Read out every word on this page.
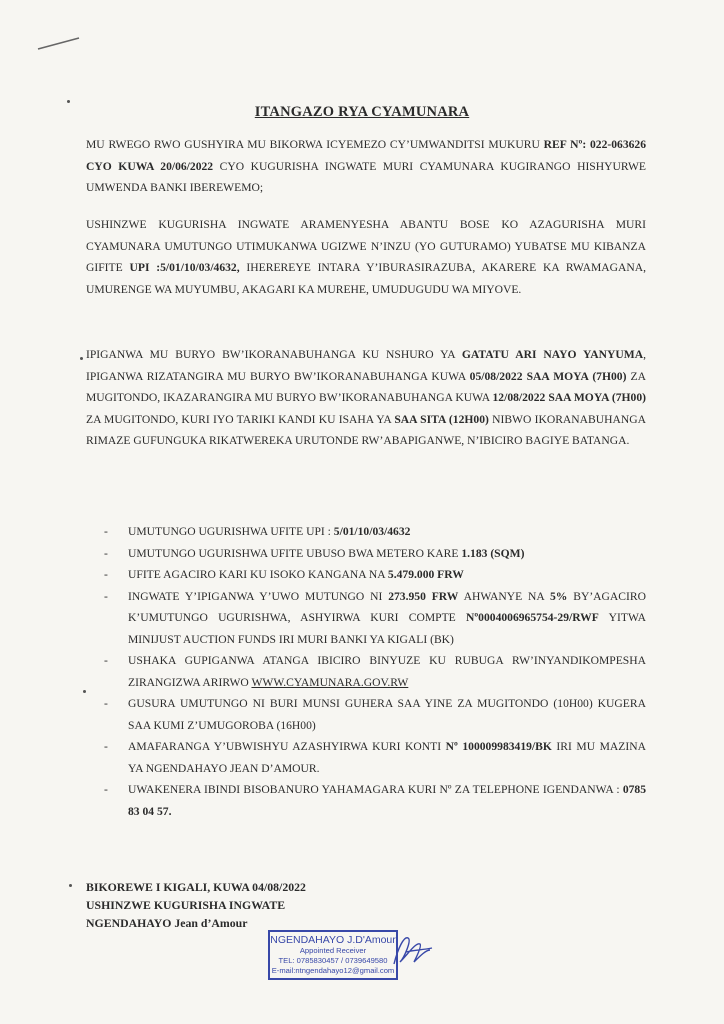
ITANGAZO RYA CYAMUNARA
MU RWEGO RWO GUSHYIRA MU BIKORWA ICYEMEZO CY’UMWANDITSI MUKURU REF Nº: 022-063626 CYO KUWA 20/06/2022 CYO KUGURISHA INGWATE MURI CYAMUNARA KUGIRANGO HISHYURWE UMWENDA BANKI IBEREWEMO;
USHINZWE KUGURISHA INGWATE ARAMENYESHA ABANTU BOSE KO AZAGURISHA MURI CYAMUNARA UMUTUNGO UTIMUKANWA UGIZWE N’INZU (YO GUTURAMO) YUBATSE MU KIBANZA GIFITE UPI :5/01/10/03/4632, IHEREREYE INTARA Y’IBURASIRAZUBA, AKARERE KA RWAMAGANA, UMURENGE WA MUYUMBU, AKAGARI KA MUREHE, UMUDUGUDU WA MIYOVE.
IPIGANWA MU BURYO BW’IKORANABUHANGA KU NSHURO YA GATATU ARI NAYO YANYUMA, IPIGANWA RIZATANGIRA MU BURYO BW’IKORANABUHANGA KUWA 05/08/2022 SAA MOYA (7H00) ZA MUGITONDO, IKAZARANGIRA MU BURYO BW’IKORANABUHANGA KUWA 12/08/2022 SAA MOYA (7H00) ZA MUGITONDO, KURI IYO TARIKI KANDI KU ISAHA YA SAA SITA (12H00) NIBWO IKORANABUHANGA RIMAZE GUFUNGUKA RIKATWEREKA URUTONDE RW’ABAPIGANWE, N’IBICIRO BAGIYE BATANGA.
- UMUTUNGO UGURISHWA UFITE UPI : 5/01/10/03/4632
- UMUTUNGO UGURISHWA UFITE UBUSO BWA METERO KARE 1.183 (SQM)
- UFITE AGACIRO KARI KU ISOKO KANGANA NA 5.479.000 FRW
- INGWATE Y’IPIGANWA Y’UWO MUTUNGO NI 273.950 FRW AHWANYE NA 5% BY’AGACIRO K’UMUTUNGO UGURISHWA, ASHYIRWA KURI COMPTE Nº0004006965754-29/RWF YITWA MINIJUST AUCTION FUNDS IRI MURI BANKI YA KIGALI (BK)
- USHAKA GUPIGANWA ATANGA IBICIRO BINYUZE KU RUBUGA RW’INYANDIKOMPESHA ZIRANGIZWA ARIRWO WWW.CYAMUNARA.GOV.RW
- GUSURA UMUTUNGO NI BURI MUNSI GUHERA SAA YINE ZA MUGITONDO (10H00) KUGERA SAA KUMI Z’UMUGOROBA (16H00)
- AMAFARANGA Y’UBWISHYU AZASHYIRWA KURI KONTI Nº 100009983419/BK IRI MU MAZINA YA NGENDAHAYO JEAN D’AMOUR.
- UWAKENERA IBINDI BISOBANURO YAHAMAGARA KURI Nº ZA TELEPHONE IGENDANWA : 0785 83 04 57.
BIKOREWE I KIGALI, KUWA 04/08/2022
USHINZWE KUGURISHA INGWATE
NGENDAHAYO Jean d’Amour
NGENDAHAYO J.D'Amour
Appointed Receiver
TEL: 0785830457 / 0739649580
E-mail:ntngendahayo12@gmail.com
